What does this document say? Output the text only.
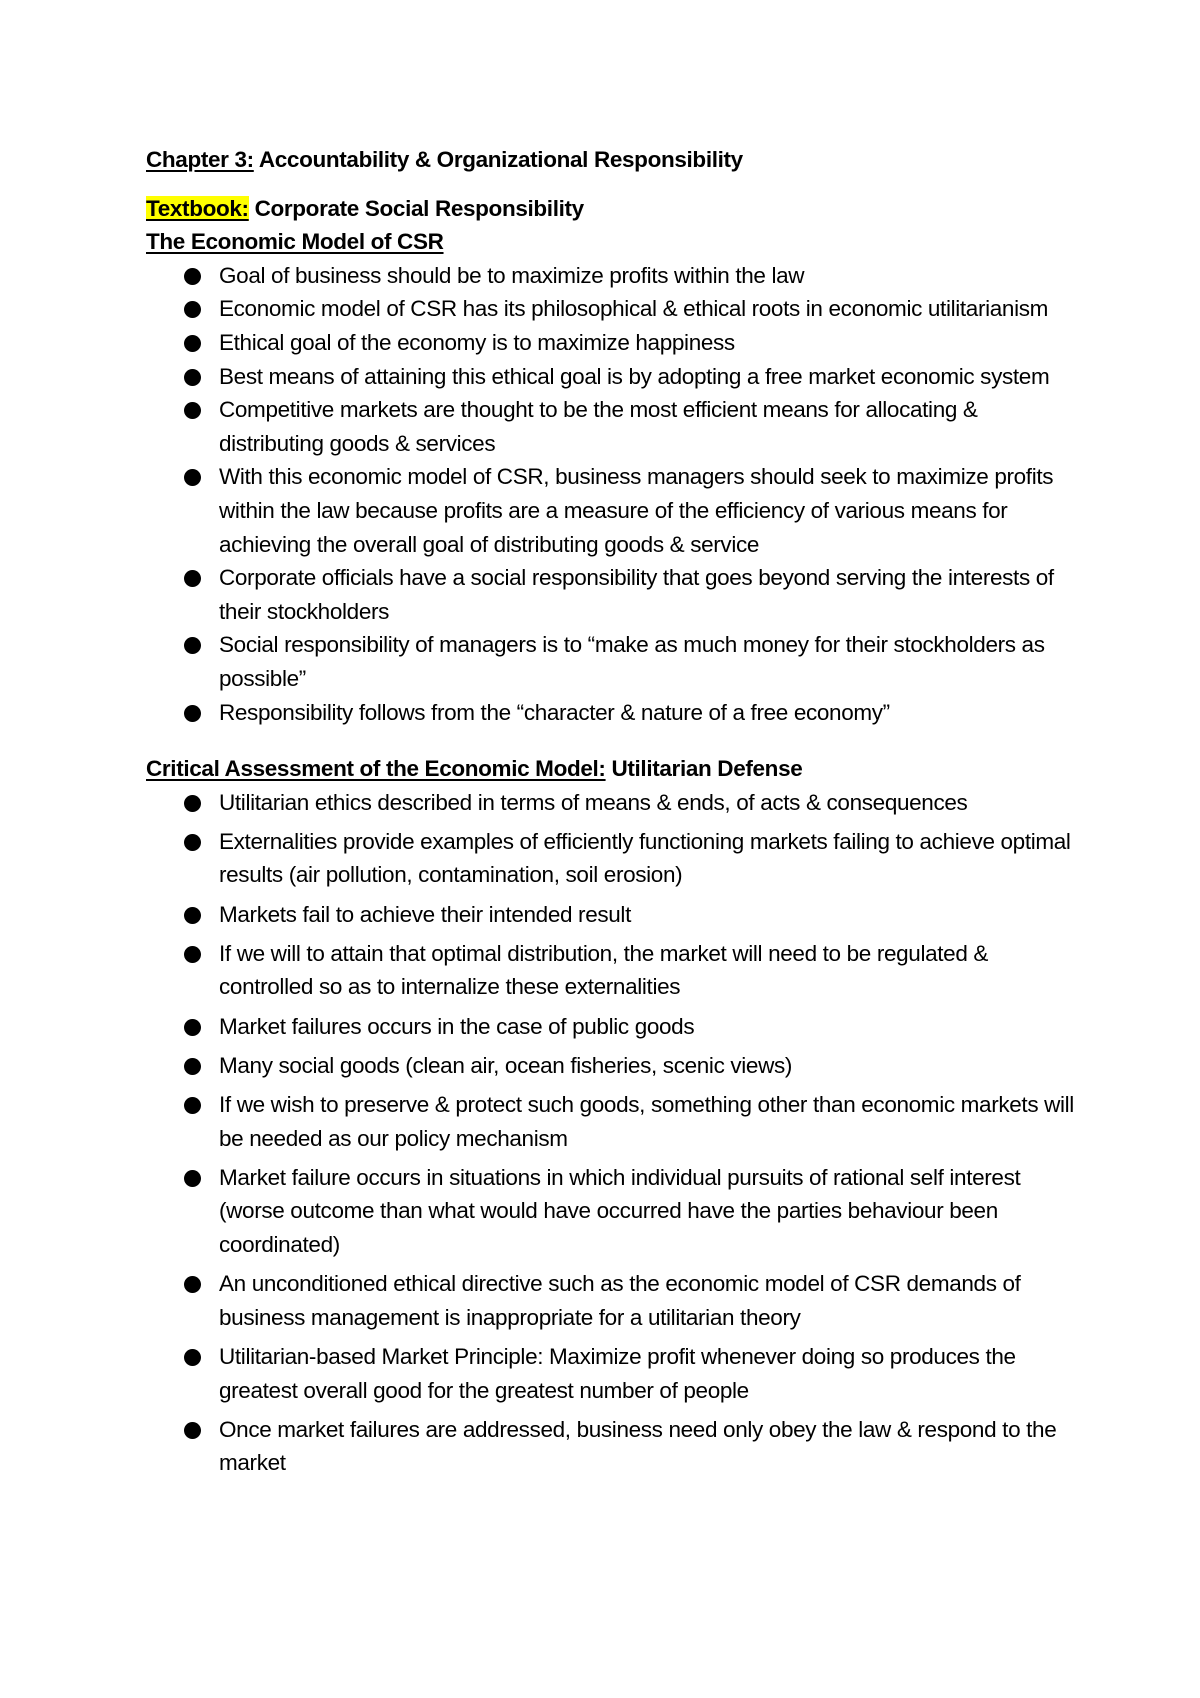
Chapter 3: Accountability & Organizational Responsibility

Textbook: Corporate Social Responsibility

The Economic Model of CSR

Goal of business should be to maximize profits within the law
Economic model of CSR has its philosophical & ethical roots in economic utilitarianism
Ethical goal of the economy is to maximize happiness
Best means of attaining this ethical goal is by adopting a free market economic system
Competitive markets are thought to be the most efficient means for allocating & distributing goods & services
With this economic model of CSR, business managers should seek to maximize profits within the law because profits are a measure of the efficiency of various means for achieving the overall goal of distributing goods & service
Corporate officials have a social responsibility that goes beyond serving the interests of their stockholders
Social responsibility of managers is to “make as much money for their stockholders as possible”
Responsibility follows from the “character & nature of a free economy”

Critical Assessment of the Economic Model: Utilitarian Defense

Utilitarian ethics described in terms of means & ends, of acts & consequences
Externalities provide examples of efficiently functioning markets failing to achieve optimal results (air pollution, contamination, soil erosion)
Markets fail to achieve their intended result
If we will to attain that optimal distribution, the market will need to be regulated & controlled so as to internalize these externalities
Market failures occurs in the case of public goods
Many social goods (clean air, ocean fisheries, scenic views)
If we wish to preserve & protect such goods, something other than economic markets will be needed as our policy mechanism
Market failure occurs in situations in which individual pursuits of rational self interest (worse outcome than what would have occurred have the parties behaviour been coordinated)
An unconditioned ethical directive such as the economic model of CSR demands of business management is inappropriate for a utilitarian theory
Utilitarian-based Market Principle: Maximize profit whenever doing so produces the greatest overall good for the greatest number of people
Once market failures are addressed, business need only obey the law & respond to the market
